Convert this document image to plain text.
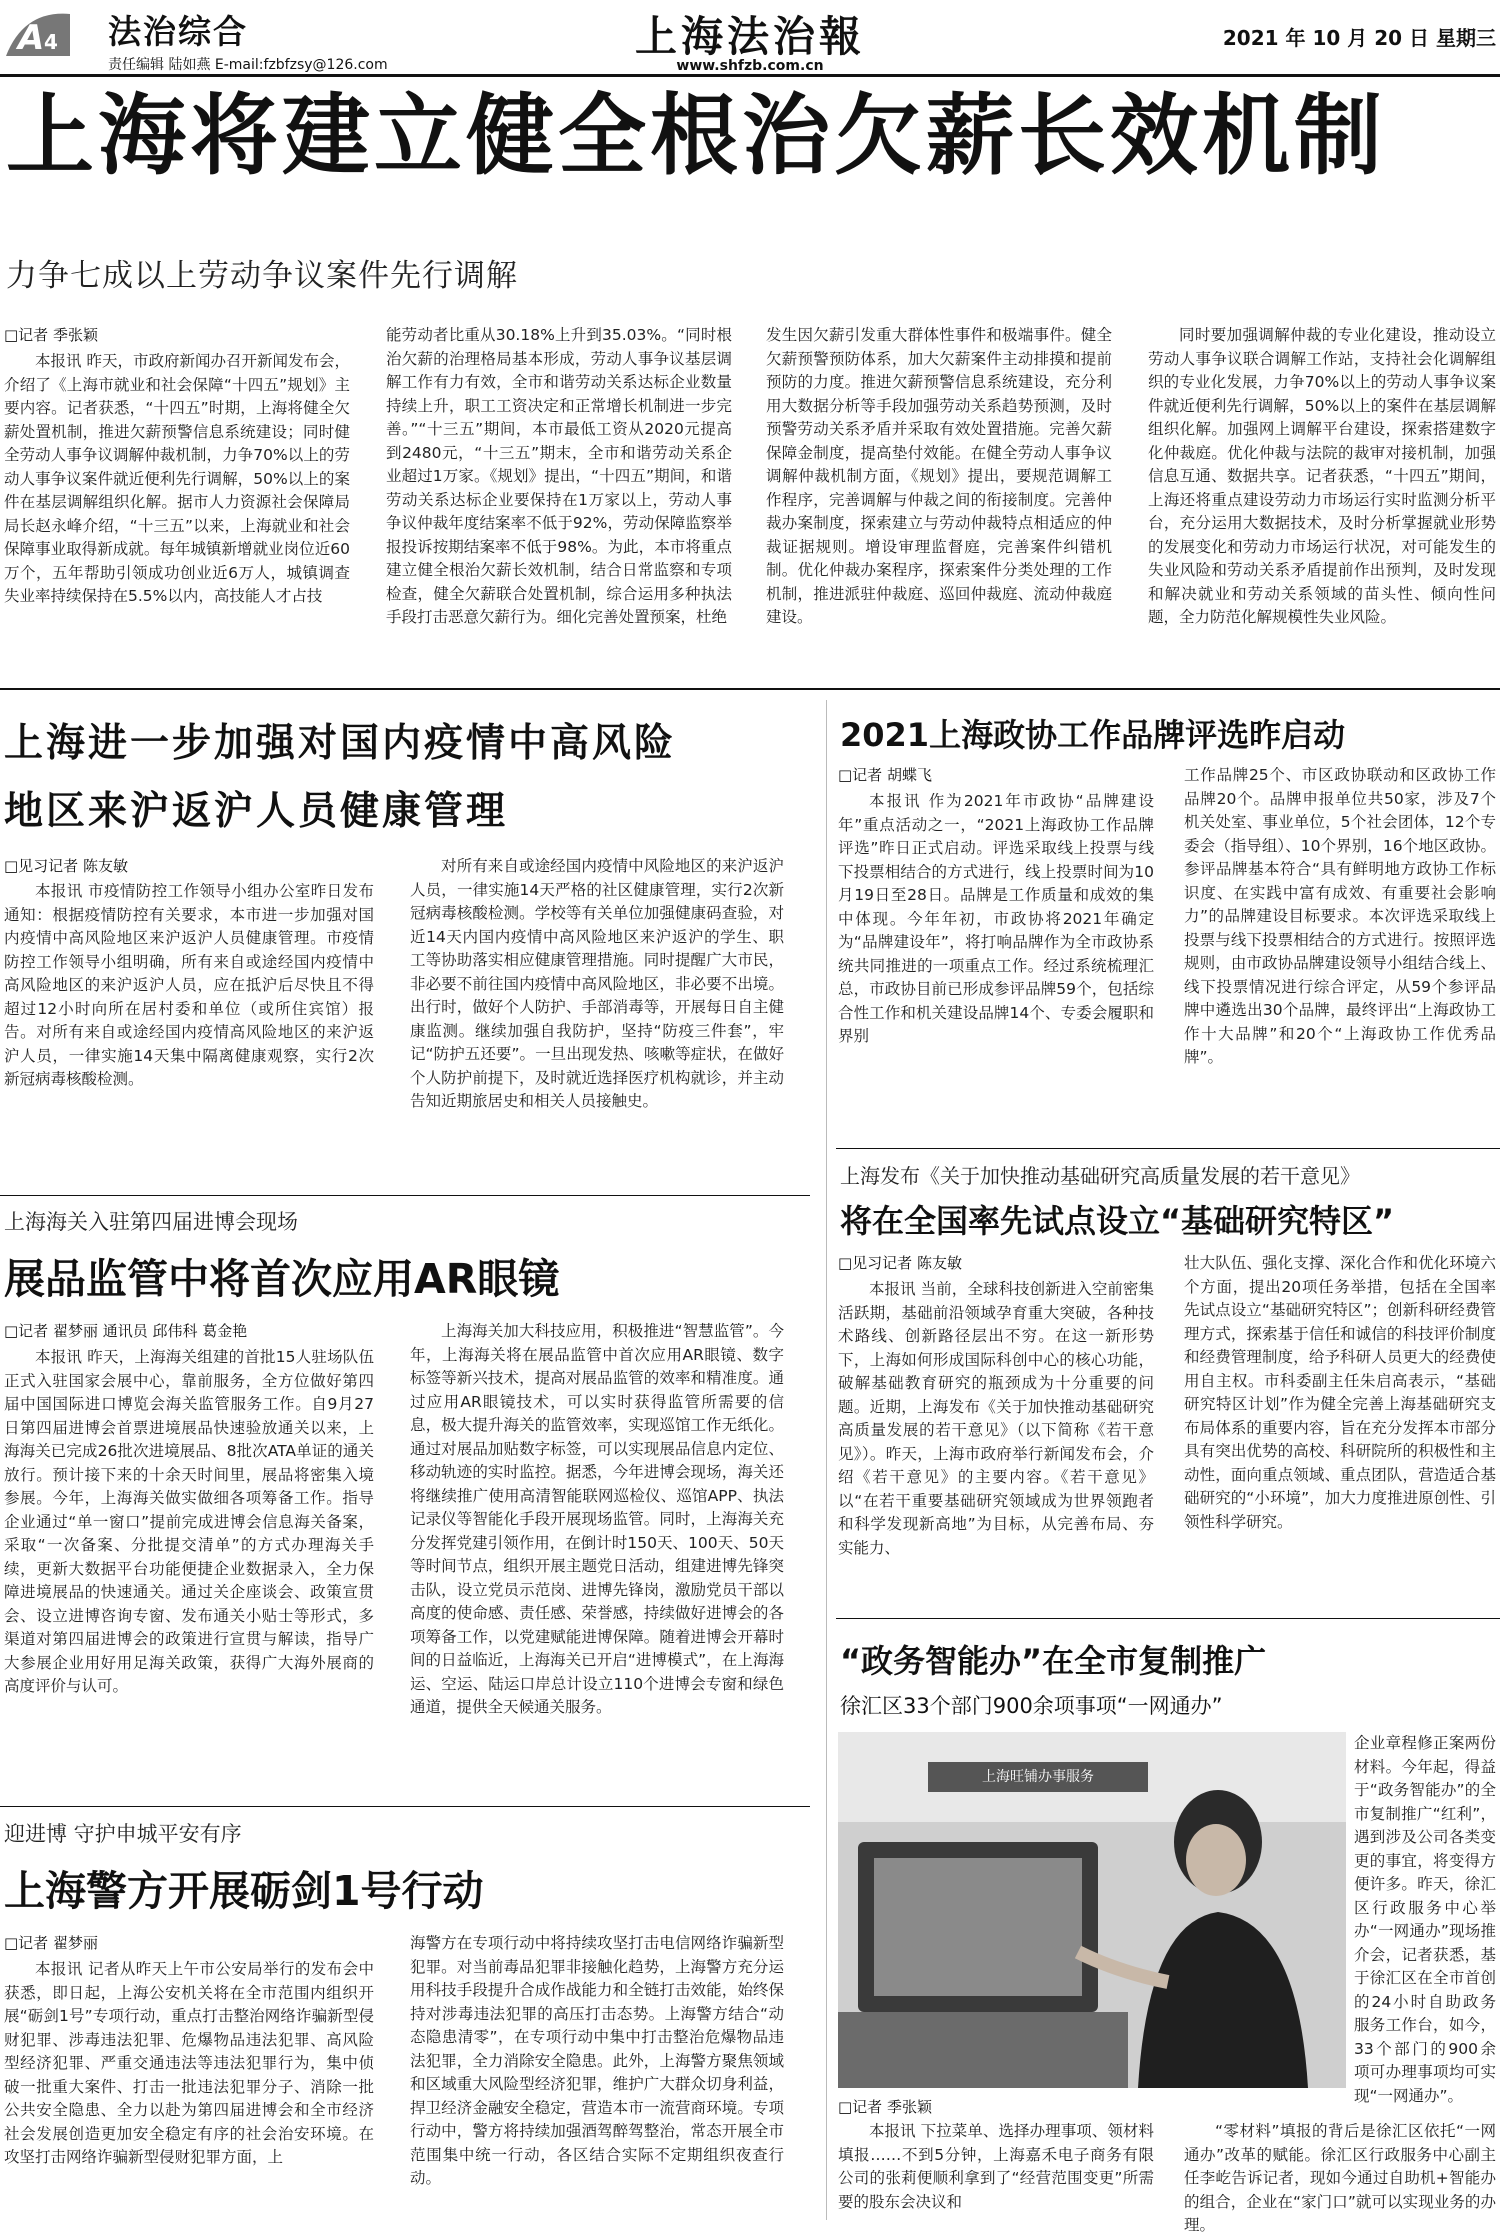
A 4 法治综合
责任编辑 陆如燕 E-mail:fzbfzsy@126.com
上海法治報
www.shfzb.com.cn
2021 年 10 月 20 日 星期三
上海将建立健全根治欠薪长效机制
力争七成以上劳动争议案件先行调解
□记者 季张颖

本报讯 昨天，市政府新闻办召开新闻发布会，介绍了《上海市就业和社会保障“十四五”规划》主要内容。记者获悉，“十四五”时期，上海将健全欠薪处置机制，推进欠薪预警信息系统建设；同时健全劳动人事争议调解仲裁机制，力争70%以上的劳动人事争议案件就近便利先行调解，50%以上的案件在基层调解组织化解。据市人力资源社会保障局局长赵永峰介绍，“十三五”以来，上海就业和社会保障事业取得新成就。每年城镇新增就业岗位近60万个，五年帮助引领成功创业近6万人，城镇调查失业率持续保持在5.5%以内，高技能人才占技

能劳动者比重从30.18%上升到35.03%。“同时根治欠薪的治理格局基本形成，劳动人事争议基层调解工作有力有效，全市和谐劳动关系达标企业数量持续上升，职工工资决定和正常增长机制进一步完善。”“十三五”期间，本市最低工资从2020元提高到2480元，“十三五”期末，全市和谐劳动关系企业超过1万家。《规划》提出，“十四五”期间，和谐劳动关系达标企业要保持在1万家以上，劳动人事争议仲裁年度结案率不低于92%，劳动保障监察举报投诉按期结案率不低于98%。为此，本市将重点建立健全根治欠薪长效机制，结合日常监察和专项检查，健全欠薪联合处置机制，综合运用多种执法手段打击恶意欠薪行为。细化完善处置预案，杜绝

发生因欠薪引发重大群体性事件和极端事件。健全欠薪预警预防体系，加大欠薪案件主动排摸和提前预防的力度。推进欠薪预警信息系统建设，充分利用大数据分析等手段加强劳动关系趋势预测，及时预警劳动关系矛盾并采取有效处置措施。完善欠薪保障金制度，提高垫付效能。在健全劳动人事争议调解仲裁机制方面，《规划》提出，要规范调解工作程序，完善调解与仲裁之间的衔接制度。完善仲裁办案制度，探索建立与劳动仲裁特点相适应的仲裁证据规则。增设审理监督庭，完善案件纠错机制。优化仲裁办案程序，探索案件分类处理的工作机制，推进派驻仲裁庭、巡回仲裁庭、流动仲裁庭建设。

同时要加强调解仲裁的专业化建设，推动设立劳动人事争议联合调解工作站，支持社会化调解组织的专业化发展，力争70%以上的劳动人事争议案件就近便利先行调解，50%以上的案件在基层调解组织化解。加强网上调解平台建设，探索搭建数字化仲裁庭。优化仲裁与法院的裁审对接机制，加强信息互通、数据共享。记者获悉，“十四五”期间，上海还将重点建设劳动力市场运行实时监测分析平台，充分运用大数据技术，及时分析掌握就业形势的发展变化和劳动力市场运行状况，对可能发生的失业风险和劳动关系矛盾提前作出预判，及时发现和解决就业和劳动关系领域的苗头性、倾向性问题，全力防范化解规模性失业风险。

上海进一步加强对国内疫情中高风险
地区来沪返沪人员健康管理
□见习记者 陈友敏

本报讯 市疫情防控工作领导小组办公室昨日发布通知：根据疫情防控有关要求，本市进一步加强对国内疫情中高风险地区来沪返沪人员健康管理。市疫情防控工作领导小组明确，所有来自或途经国内疫情中高风险地区的来沪返沪人员，应在抵沪后尽快且不得超过12小时向所在居村委和单位（或所住宾馆）报告。对所有来自或途经国内疫情高风险地区的来沪返沪人员，一律实施14天集中隔离健康观察，实行2次新冠病毒核酸检测。

对所有来自或途经国内疫情中风险地区的来沪返沪人员，一律实施14天严格的社区健康管理，实行2次新冠病毒核酸检测。学校等有关单位加强健康码查验，对近14天内国内疫情中高风险地区来沪返沪的学生、职工等协助落实相应健康管理措施。同时提醒广大市民，非必要不前往国内疫情中高风险地区，非必要不出境。出行时，做好个人防护、手部消毒等，开展每日自主健康监测。继续加强自我防护，坚持“防疫三件套”，牢记“防护五还要”。一旦出现发热、咳嗽等症状，在做好个人防护前提下，及时就近选择医疗机构就诊，并主动告知近期旅居史和相关人员接触史。

2021上海政协工作品牌评选昨启动
□记者 胡蝶飞

本报讯 作为2021年市政协“品牌建设年”重点活动之一，“2021上海政协工作品牌评选”昨日正式启动。评选采取线上投票与线下投票相结合的方式进行，线上投票时间为10月19日至28日。品牌是工作质量和成效的集中体现。今年年初，市政协将2021年确定为“品牌建设年”，将打响品牌作为全市政协系统共同推进的一项重点工作。经过系统梳理汇总，市政协目前已形成参评品牌59个，包括综合性工作和机关建设品牌14个、专委会履职和界别

工作品牌25个、市区政协联动和区政协工作品牌20个。品牌申报单位共50家，涉及7个机关处室、事业单位，5个社会团体，12个专委会（指导组）、10个界别，16个地区政协。参评品牌基本符合“具有鲜明地方政协工作标识度、在实践中富有成效、有重要社会影响力”的品牌建设目标要求。本次评选采取线上投票与线下投票相结合的方式进行。按照评选规则，由市政协品牌建设领导小组结合线上、线下投票情况进行综合评定，从59个参评品牌中遴选出30个品牌，最终评出“上海政协工作十大品牌”和20个“上海政协工作优秀品牌”。

上海海关入驻第四届进博会现场
展品监管中将首次应用AR眼镜
□记者 翟梦丽 通讯员 邱伟科 葛金艳

本报讯 昨天，上海海关组建的首批15人驻场队伍正式入驻国家会展中心，靠前服务，全方位做好第四届中国国际进口博览会海关监管服务工作。自9月27日第四届进博会首票进境展品快速验放通关以来，上海海关已完成26批次进境展品、8批次ATA单证的通关放行。预计接下来的十余天时间里，展品将密集入境参展。今年，上海海关做实做细各项筹备工作。指导企业通过“单一窗口”提前完成进博会信息海关备案，采取“一次备案、分批提交清单”的方式办理海关手续，更新大数据平台功能便捷企业数据录入，全力保障进境展品的快速通关。通过关企座谈会、政策宣贯会、设立进博咨询专窗、发布通关小贴士等形式，多渠道对第四届进博会的政策进行宣贯与解读，指导广大参展企业用好用足海关政策，获得广大海外展商的高度评价与认可。

上海海关加大科技应用，积极推进“智慧监管”。今年，上海海关将在展品监管中首次应用AR眼镜、数字标签等新兴技术，提高对展品监管的效率和精准度。通过应用AR眼镜技术，可以实时获得监管所需要的信息，极大提升海关的监管效率，实现巡馆工作无纸化。通过对展品加贴数字标签，可以实现展品信息内定位、移动轨迹的实时监控。据悉，今年进博会现场，海关还将继续推广使用高清智能联网巡检仪、巡馆APP、执法记录仪等智能化手段开展现场监管。同时，上海海关充分发挥党建引领作用，在倒计时150天、100天、50天等时间节点，组织开展主题党日活动，组建进博先锋突击队，设立党员示范岗、进博先锋岗，激励党员干部以高度的使命感、责任感、荣誉感，持续做好进博会的各项筹备工作，以党建赋能进博保障。随着进博会开幕时间的日益临近，上海海关已开启“进博模式”，在上海海运、空运、陆运口岸总计设立110个进博会专窗和绿色通道，提供全天候通关服务。

上海发布《关于加快推动基础研究高质量发展的若干意见》
将在全国率先试点设立“基础研究特区”
□见习记者 陈友敏

本报讯 当前，全球科技创新进入空前密集活跃期，基础前沿领域孕育重大突破，各种技术路线、创新路径层出不穷。在这一新形势下，上海如何形成国际科创中心的核心功能，破解基础教育研究的瓶颈成为十分重要的问题。近期，上海发布《关于加快推动基础研究高质量发展的若干意见》（以下简称《若干意见》）。昨天，上海市政府举行新闻发布会，介绍《若干意见》的主要内容。《若干意见》以“在若干重要基础研究领域成为世界领跑者和科学发现新高地”为目标，从完善布局、夯实能力、

壮大队伍、强化支撑、深化合作和优化环境六个方面，提出20项任务举措，包括在全国率先试点设立“基础研究特区”；创新科研经费管理方式，探索基于信任和诚信的科技评价制度和经费管理制度，给予科研人员更大的经费使用自主权。市科委副主任朱启高表示，“基础研究特区计划”作为健全完善上海基础研究支布局体系的重要内容，旨在充分发挥本市部分具有突出优势的高校、科研院所的积极性和主动性，面向重点领域、重点团队，营造适合基础研究的“小环境”，加大力度推进原创性、引领性科学研究。

迎进博 守护申城平安有序
上海警方开展砺剑1号行动
□记者 翟梦丽

本报讯 记者从昨天上午市公安局举行的发布会中获悉，即日起，上海公安机关将在全市范围内组织开展“砺剑1号”专项行动，重点打击整治网络诈骗新型侵财犯罪、涉毒违法犯罪、危爆物品违法犯罪、高风险型经济犯罪、严重交通违法等违法犯罪行为，集中侦破一批重大案件、打击一批违法犯罪分子、消除一批公共安全隐患、全力以赴为第四届进博会和全市经济社会发展创造更加安全稳定有序的社会治安环境。在攻坚打击网络诈骗新型侵财犯罪方面，上

海警方在专项行动中将持续攻坚打击电信网络诈骗新型犯罪。对当前毒品犯罪非接触化趋势，上海警方充分运用科技手段提升合成作战能力和全链打击效能，始终保持对涉毒违法犯罪的高压打击态势。上海警方结合“动态隐患清零”，在专项行动中集中打击整治危爆物品违法犯罪，全力消除安全隐患。此外，上海警方聚焦领域和区域重大风险型经济犯罪，维护广大群众切身利益，捍卫经济金融安全稳定，营造本市一流营商环境。专项行动中，警方将持续加强酒驾醉驾整治，常态开展全市范围集中统一行动，各区结合实际不定期组织夜查行动。

“政务智能办”在全市复制推广
徐汇区33个部门900余项事项“一网通办”
上海旺铺办事服务

企业章程修正案两份材料。今年起，得益于“政务智能办”的全市复制推广“红利”，遇到涉及公司各类变更的事宜，将变得方便许多。昨天，徐汇区行政服务中心举办“一网通办”现场推介会，记者获悉，基于徐汇区在全市首创的24小时自助政务服务工作台，如今，33个部门的900余项可办理事项均可实现“一网通办”。

□记者 季张颖

本报讯 下拉菜单、选择办理事项、领材料填报……不到5分钟，上海嘉禾电子商务有限公司的张莉便顺利拿到了“经营范围变更”所需要的股东会决议和

“零材料”填报的背后是徐汇区依托“一网通办”改革的赋能。徐汇区行政服务中心副主任李屹告诉记者，现如今通过自助机+智能办的组合，企业在“家门口”就可以实现业务的办理。
